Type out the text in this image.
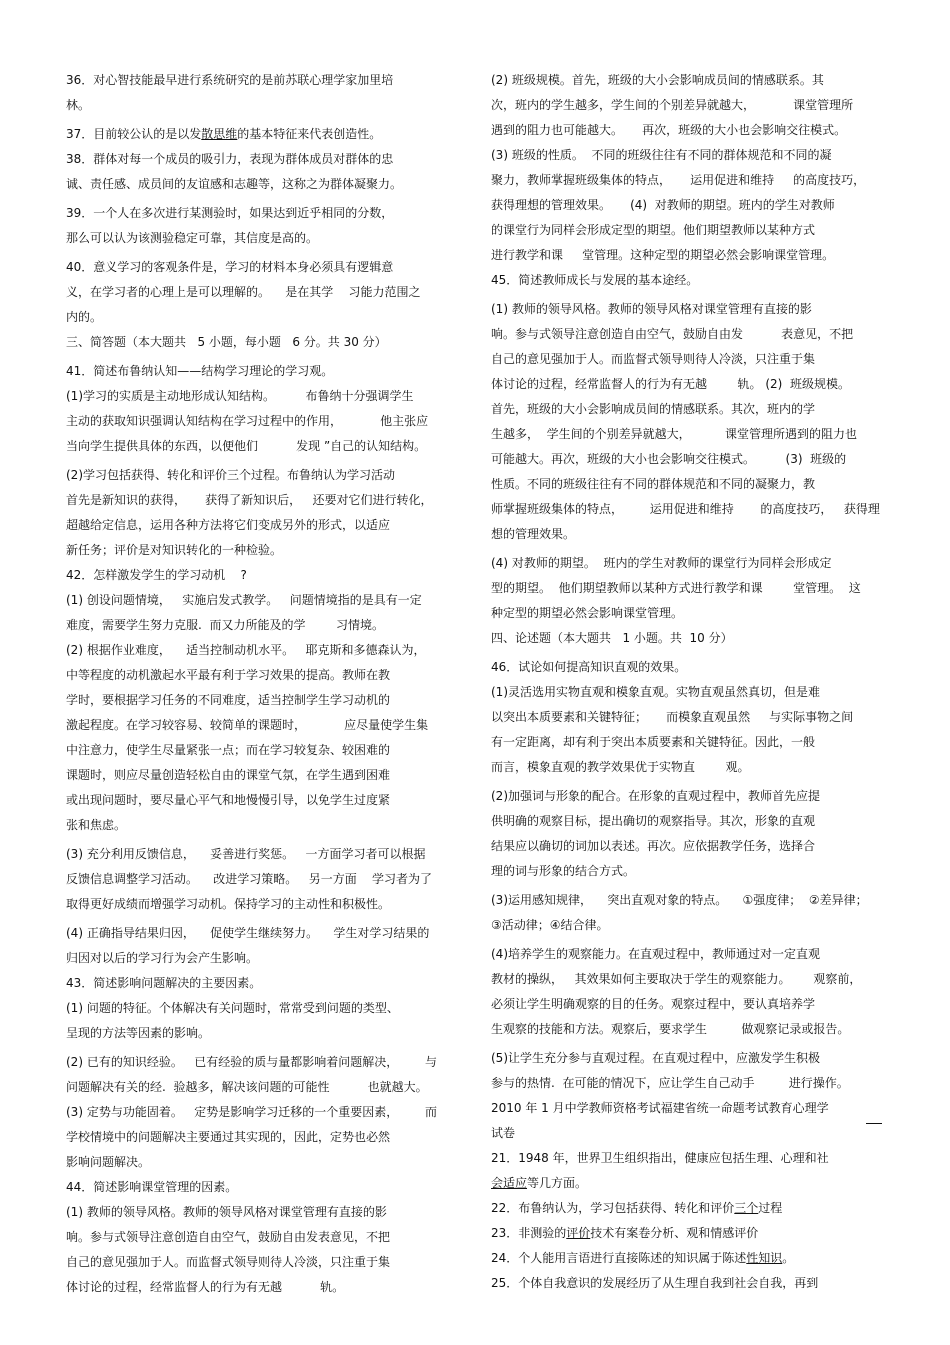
36．对心智技能最早进行系统研究的是前苏联心理学家加里培
林。
37．目前较公认的是以发散思维的基本特征来代表创造性。
38．群体对每一个成员的吸引力，表现为群体成员对群体的忠
诚、责任感、成员间的友谊感和志趣等，这称之为群体凝聚力。
39．一个人在多次进行某测验时，如果达到近乎相同的分数，
那么可以认为该测验稳定可靠，其信度是高的。
40．意义学习的客观条件是，学习的材料本身必须具有逻辑意
义，在学习者的心理上是可以理解的。    是在其学    习能力范围之
内的。
三、简答题（本大题共   5 小题，每小题   6 分。共 30 分）
41．简述布鲁纳认知——结构学习理论的学习观。
(1)学习的实质是主动地形成认知结构。        布鲁纳十分强调学生
主动的获取知识强调认知结构在学习过程中的作用，          他主张应
当向学生提供具体的东西，以便他们          发现 ”自己的认知结构。
(2)学习包括获得、转化和评价三个过程。布鲁纳认为学习活动
首先是新知识的获得，     获得了新知识后，   还要对它们进行转化，
超越给定信息，运用各种方法将它们变成另外的形式，以适应
新任务；评价是对知识转化的一种检验。
42．怎样激发学生的学习动机    ?
(1) 创设问题情境，   实施启发式教学。   问题情境指的是具有一定
难度，需要学生努力克服.  而又力所能及的学        习情境。
(2) 根据作业难度，    适当控制动机水平。   耶克斯和多德森认为，
中等程度的动机激起水平最有利于学习效果的提高。教师在教
学时，要根据学习任务的不同难度，适当控制学生学习动机的
激起程度。在学习较容易、较简单的课题时，          应尽量使学生集
中注意力，使学生尽量紧张一点；而在学习较复杂、较困难的
课题时，则应尽量创造轻松自由的课堂气氛，在学生遇到困难
或出现问题时，要尽量心平气和地慢慢引导，以免学生过度紧
张和焦虑。
(3) 充分利用反馈信息，    妥善进行奖惩。   一方面学习者可以根据
反馈信息调整学习活动。    改进学习策略。   另一方面    学习者为了
取得更好成绩而增强学习动机。保持学习的主动性和积极性。
(4) 正确指导结果归因，    促使学生继续努力。    学生对学习结果的
归因对以后的学习行为会产生影响。
43．简述影响问题解决的主要因素。
(1) 问题的特征。个体解决有关问题时，常常受到问题的类型、
呈现的方法等因素的影响。
(2) 已有的知识经验。   已有经验的质与量都影响着问题解决，       与
问题解决有关的经.  验越多，解决该问题的可能性          也就越大。
(3) 定势与功能固着。   定势是影响学习迁移的一个重要因素，       而
学校情境中的问题解决主要通过其实现的，因此，定势也必然
影响问题解决。
44．简述影响课堂管理的因素。
(1) 教师的领导风格。教师的领导风格对课堂管理有直接的影
响。参与式领导注意创造自由空气，鼓励自由发表意见，不把
自己的意见强加于人。而监督式领导则待人冷淡，只注重于集
体讨论的过程，经常监督人的行为有无越          轨。
(2) 班级规模。首先，班级的大小会影响成员间的情感联系。其
次，班内的学生越多，学生间的个别差异就越大，          课堂管理所
遇到的阻力也可能越大。     再次，班级的大小也会影响交往模式。
(3) 班级的性质。  不同的班级往往有不同的群体规范和不同的凝
聚力，教师掌握班级集体的特点，     运用促进和维持     的高度技巧，
获得理想的管理效果。     (4)  对教师的期望。班内的学生对教师
的课堂行为同样会形成定型的期望。他们期望教师以某种方式
进行教学和课     堂管理。这种定型的期望必然会影响课堂管理。
45．简述教师成长与发展的基本途经。
(1) 教师的领导风格。教师的领导风格对课堂管理有直接的影
响。参与式领导注意创造自由空气，鼓励自由发          表意见，不把
自己的意见强加于人。而监督式领导则待人冷淡，只注重于集
体讨论的过程，经常监督人的行为有无越        轨。 (2)  班级规模。
首先，班级的大小会影响成员间的情感联系。其次，班内的学
生越多，  学生间的个别差异就越大，         课堂管理所遇到的阻力也
可能越大。再次，班级的大小也会影响交往模式。        (3)  班级的
性质。不同的班级往往有不同的群体规范和不同的凝聚力，教
师掌握班级集体的特点，       运用促进和维持       的高度技巧，   获得理
想的管理效果。
(4) 对教师的期望。  班内的学生对教师的课堂行为同样会形成定
型的期望。  他们期望教师以某种方式进行教学和课        堂管理。  这
种定型的期望必然会影响课堂管理。
四、论述题（本大题共   1 小题。共  10 分）
46．试论如何提高知识直观的效果。
(1)灵活选用实物直观和模象直观。实物直观虽然真切，但是难
以突出本质要素和关键特征；     而模象直观虽然     与实际事物之间
有一定距离，却有利于突出本质要素和关键特征。因此，一般
而言，模象直观的教学效果优于实物直        观。
(2)加强词与形象的配合。在形象的直观过程中，教师首先应提
供明确的观察目标，提出确切的观察指导。其次，形象的直观
结果应以确切的词加以表述。再次。应依据教学任务，选择合
理的词与形象的结合方式。
(3)运用感知规律，    突出直观对象的特点。    ①强度律；  ②差异律；
③活动律；④结合律。
(4)培养学生的观察能力。在直观过程中，教师通过对一定直观
教材的操纵，   其效果如何主要取决于学生的观察能力。      观察前，
必须让学生明确观察的目的任务。观察过程中，要认真培养学
生观察的技能和方法。观察后，要求学生         做观察记录或报告。
(5)让学生充分参与直观过程。在直观过程中，应激发学生积极
参与的热情.  在可能的情况下，应让学生自己动手         进行操作。
2010 年 1 月中学教师资格考试福建省统一命题考试教育心理学
试卷
21．1948 年，世界卫生组织指出，健康应包括生理、心理和社
会适应等几方面。
22．布鲁纳认为，学习包括获得、转化和评价三个过程
23．非测验的评价技术有案卷分析、观和情感评价
24．个人能用言语进行直接陈述的知识属于陈述性知识。
25．个体自我意识的发展经历了从生理自我到社会自我，再到
